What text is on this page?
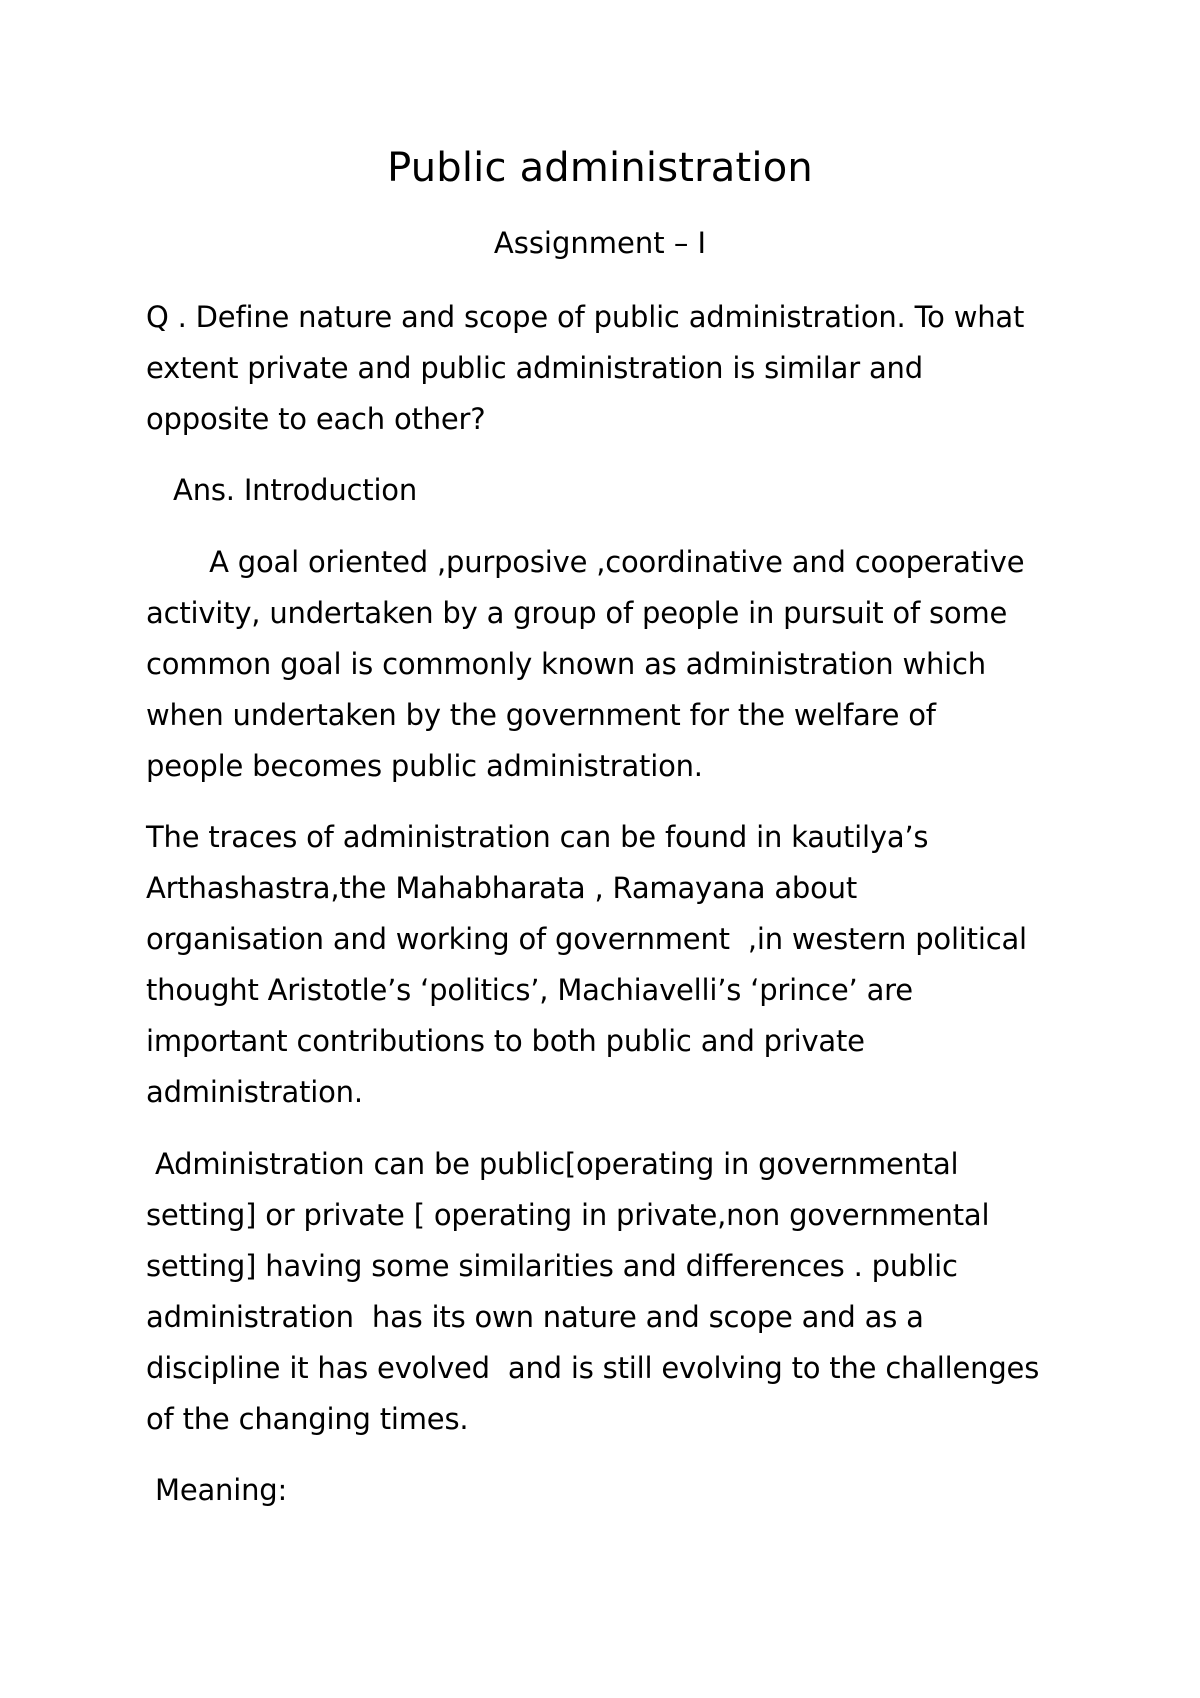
Public administration
Assignment – I
Q . Define nature and scope of public administration. To what
extent private and public administration is similar and
opposite to each other?
Ans. Introduction
A goal oriented ,purposive ,coordinative and cooperative
activity, undertaken by a group of people in pursuit of some
common goal is commonly known as administration which
when undertaken by the government for the welfare of
people becomes public administration.
The traces of administration can be found in kautilya’s
Arthashastra,the Mahabharata , Ramayana about
organisation and working of government  ,in western political
thought Aristotle’s ‘politics’, Machiavelli’s ‘prince’ are
important contributions to both public and private
administration.
Administration can be public[operating in governmental
setting] or private [ operating in private,non governmental
setting] having some similarities and differences . public
administration  has its own nature and scope and as a
discipline it has evolved  and is still evolving to the challenges
of the changing times.
Meaning:
